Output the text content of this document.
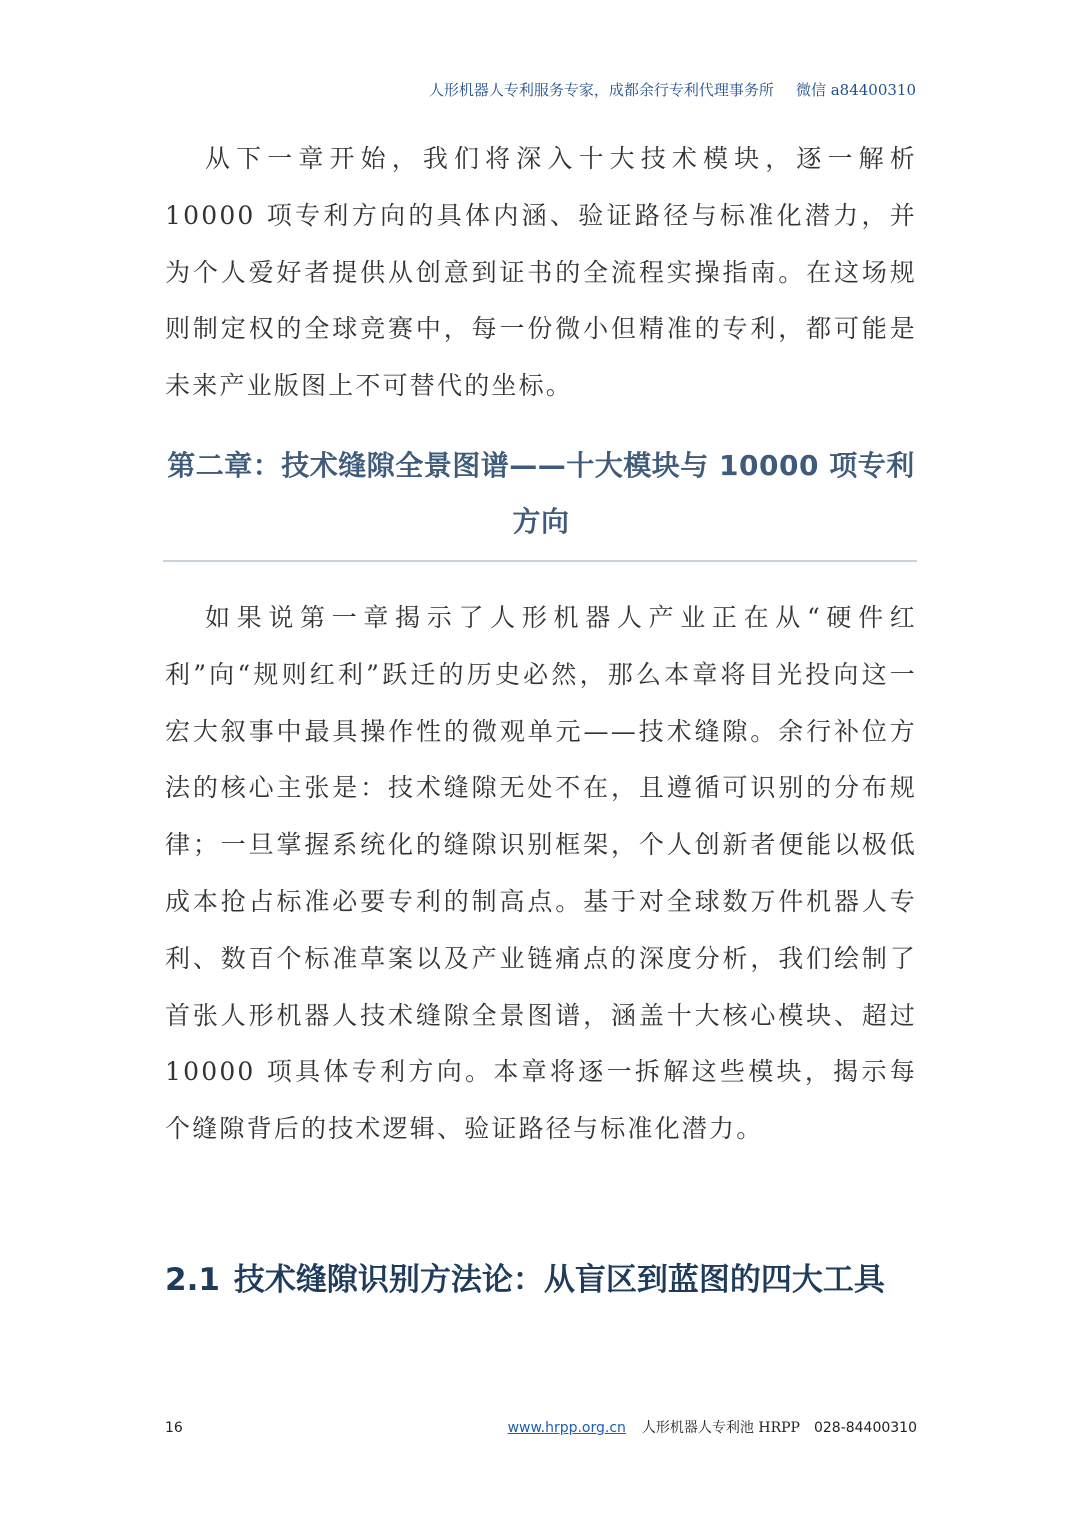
人形机器人专利服务专家，成都余行专利代理事务所 微信 a84400310

从下一章开始，我们将深入十大技术模块，逐一解析 10000 项专利方向的具体内涵、验证路径与标准化潜力，并为个人爱好者提供从创意到证书的全流程实操指南。在这场规则制定权的全球竞赛中，每一份微小但精准的专利，都可能是未来产业版图上不可替代的坐标。

第二章：技术缝隙全景图谱——十大模块与 10000 项专利方向

如果说第一章揭示了人形机器人产业正在从“硬件红利”向“规则红利”跃迁的历史必然，那么本章将目光投向这一宏大叙事中最具操作性的微观单元——技术缝隙。余行补位方法的核心主张是：技术缝隙无处不在，且遵循可识别的分布规律；一旦掌握系统化的缝隙识别框架，个人创新者便能以极低成本抢占标准必要专利的制高点。基于对全球数万件机器人专利、数百个标准草案以及产业链痛点的深度分析，我们绘制了首张人形机器人技术缝隙全景图谱，涵盖十大核心模块、超过 10000 项具体专利方向。本章将逐一拆解这些模块，揭示每个缝隙背后的技术逻辑、验证路径与标准化潜力。

2.1 技术缝隙识别方法论：从盲区到蓝图的四大工具
16	www.hrpp.org.cn 人形机器人专利池 HRPP 028-84400310
